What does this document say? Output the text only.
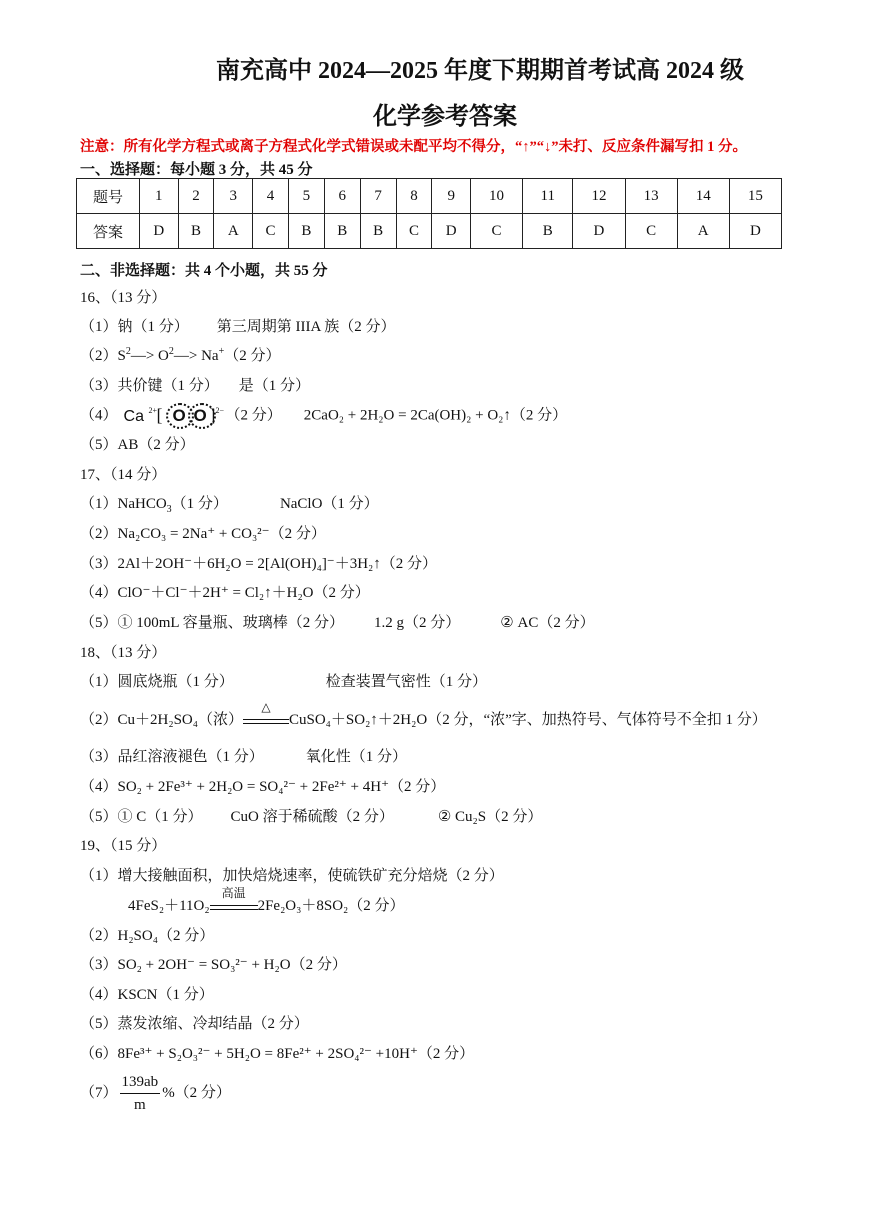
南充高中 2024—2025 年度下期期首考试高 2024 级
化学参考答案
注意：所有化学方程式或离子方程式化学式错误或未配平均不得分，“↑”“↓”未打、反应条件漏写扣 1 分。
一、选择题：每小题 3 分，共 45 分
题号	1	2	3	4	5	6	7	8	9	10	11	12	13	14	15
答案	D	B	A	C	B	B	B	C	D	C	B	D	C	A	D
二、非选择题：共 4 个小题，共 55 分
16、（13 分）
（1）钠（1 分） 第三周期第 IIIA 族（2 分）
$(2)S^2—>$ $O^2—> Na^+(2$ 分）
（3）共价键（1 分） 是（1 分）
（4） Ca 2+ [ O O ] 2− （2 分） 2CaO₂ + 2H₂O = 2Ca(OH)₂ + O₂↑（2 分）
（5）AB（2 分）
17、（14 分）
（1）NaHCO$_3$（1 分）	NaClO（1 分）
（2）Na₂CO₃ = 2Na⁺ + CO₃²⁻（2 分）
（3）2Al＋2OH⁻＋6H₂O = 2[Al(OH)₄]⁻＋3H₂↑（2 分）
（4）ClO⁻＋Cl⁻＋2H⁺ = Cl₂↑＋H₂O（2 分）
（5）① 100mL 容量瓶、玻璃棒（2 分） 1.2 g（2 分）	② AC（2 分）
18、（13 分）
（1）圆底烧瓶（1 分）	检查装置气密性（1 分）
（2）Cu＋2H₂SO₄（浓）
△
CuSO₄＋SO₂↑＋2H₂O（2 分，“浓”字、加热符号、气体符号不全扣 1 分）
（3）品红溶液褪色（1 分）	氧化性（1 分）
（4）SO₂ + 2Fe³⁺ + 2H₂O = SO₄²⁻ + 2Fe²⁺ + 4H⁺（2 分）
（5）① C（1 分） CuO 溶于稀硫酸（2 分）	② Cu₂S（2 分）
19、（15 分）
（1）增大接触面积，加快焙烧速率，使硫铁矿充分焙烧（2 分）
4FeS₂＋11O₂
高温
2Fe₂O₃＋8SO₂（2 分）
（2）H₂SO₄（2 分）
（3）SO₂ + 2OH⁻ = SO₃²⁻ + H₂O（2 分）
（4）KSCN（1 分）
（5）蒸发浓缩、冷却结晶（2 分）
（6）8Fe³⁺ + S₂O₃²⁻ + 5H₂O = 8Fe²⁺ + 2SO₄²⁻ +10H⁺（2 分）
$(7) \frac{139ab}{m} \%(2$ 分）
